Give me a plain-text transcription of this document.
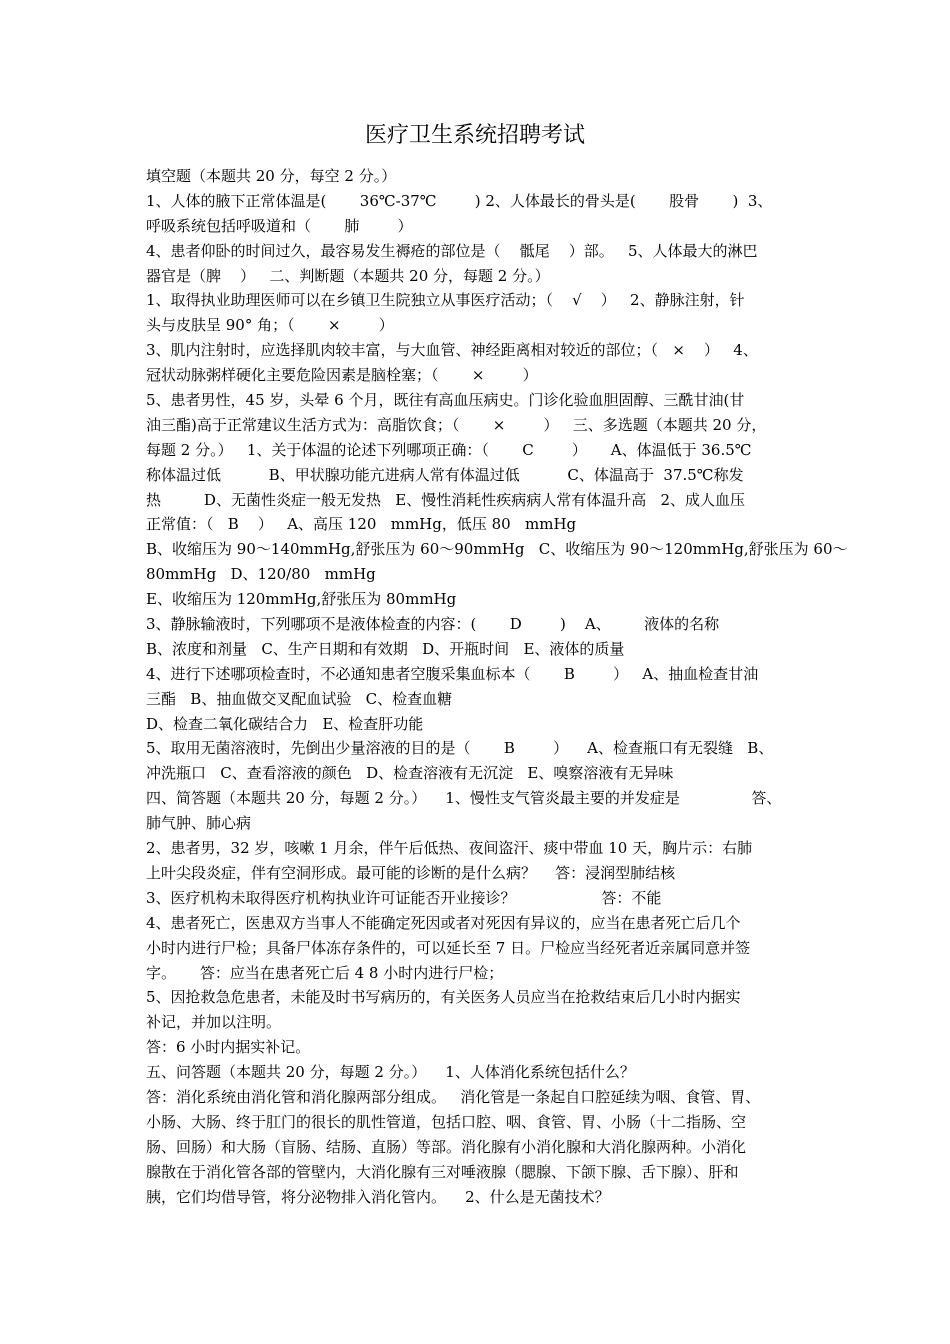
医疗卫生系统招聘考试
填空题（本题共 20 分，每空 2 分。）
1、人体的腋下正常体温是(       36℃-37℃        ) 2、人体最长的骨头是(       股骨       )  3、
呼吸系统包括呼吸道和（       肺        ）
4、患者仰卧的时间过久，最容易发生褥疮的部位是（    骶尾    ）部。   5、人体最大的淋巴
器官是（脾    ）   二、判断题（本题共 20 分，每题 2 分。）
1、取得执业助理医师可以在乡镇卫生院独立从事医疗活动；（    √    ）   2、静脉注射，针
头与皮肤呈 90° 角；（       ×        ）
3、肌内注射时，应选择肌肉较丰富，与大血管、神经距离相对较近的部位；（   ×    ）   4、
冠状动脉粥样硬化主要危险因素是脑栓塞；（       ×        ）
5、患者男性，45 岁，头晕 6 个月，既往有高血压病史。门诊化验血胆固醇、三酰甘油(甘
油三酯)高于正常建议生活方式为：高脂饮食；（       ×        ）   三、多选题（本题共 20 分，
每题 2 分。）   1、关于体温的论述下列哪项正确：（       C        ）     A、体温低于 36.5℃
称体温过低          B、甲状腺功能亢进病人常有体温过低          C、体温高于  37.5℃称发
热         D、无菌性炎症一般无发热   E、慢性消耗性疾病病人常有体温升高   2、成人血压
正常值：（   B    ）   A、高压 120   mmHg，低压 80   mmHg
B、收缩压为 90～140mmHg,舒张压为 60～90mmHg   C、收缩压为 90～120mmHg,舒张压为 60～
80mmHg   D、120/80   mmHg
E、收缩压为 120mmHg,舒张压为 80mmHg
3、静脉输液时，下列哪项不是液体检查的内容：(       D        )    A、       液体的名称
B、浓度和剂量   C、生产日期和有效期   D、开瓶时间   E、液体的质量
4、进行下述哪项检查时，不必通知患者空腹采集血标本（       B        ）   A、抽血检查甘油
三酯   B、抽血做交叉配血试验   C、检查血糖
D、检查二氧化碳结合力   E、检查肝功能
5、取用无菌溶液时，先倒出少量溶液的目的是（       B        ）    A、检查瓶口有无裂缝   B、
冲洗瓶口   C、查看溶液的颜色   D、检查溶液有无沉淀   E、嗅察溶液有无异味
四、简答题（本题共 20 分，每题 2 分。）    1、慢性支气管炎最主要的并发症是               答、
肺气肿、肺心病
2、患者男，32 岁，咳嗽 1 月余，伴午后低热、夜间盗汗、痰中带血 10 天，胸片示：右肺
上叶尖段炎症，伴有空洞形成。最可能的诊断的是什么病？    答：浸润型肺结核
3、医疗机构未取得医疗机构执业许可证能否开业接诊？                  答：不能
4、患者死亡，医患双方当事人不能确定死因或者对死因有异议的，应当在患者死亡后几个
小时内进行尸检；具备尸体冻存条件的，可以延长至 7 日。尸检应当经死者近亲属同意并签
字。     答：应当在患者死亡后 4 8 小时内进行尸检；
5、因抢救急危患者，未能及时书写病历的，有关医务人员应当在抢救结束后几小时内据实
补记，并加以注明。
答：6 小时内据实补记。
五、问答题（本题共 20 分，每题 2 分。）    1、人体消化系统包括什么？
答：消化系统由消化管和消化腺两部分组成。   消化管是一条起自口腔延续为咽、食管、胃、
小肠、大肠、终于肛门的很长的肌性管道，包括口腔、咽、食管、胃、小肠（十二指肠、空
肠、回肠）和大肠（盲肠、结肠、直肠）等部。消化腺有小消化腺和大消化腺两种。小消化
腺散在于消化管各部的管壁内，大消化腺有三对唾液腺（腮腺、下颌下腺、舌下腺）、肝和
胰，它们均借导管，将分泌物排入消化管内。    2、什么是无菌技术？
